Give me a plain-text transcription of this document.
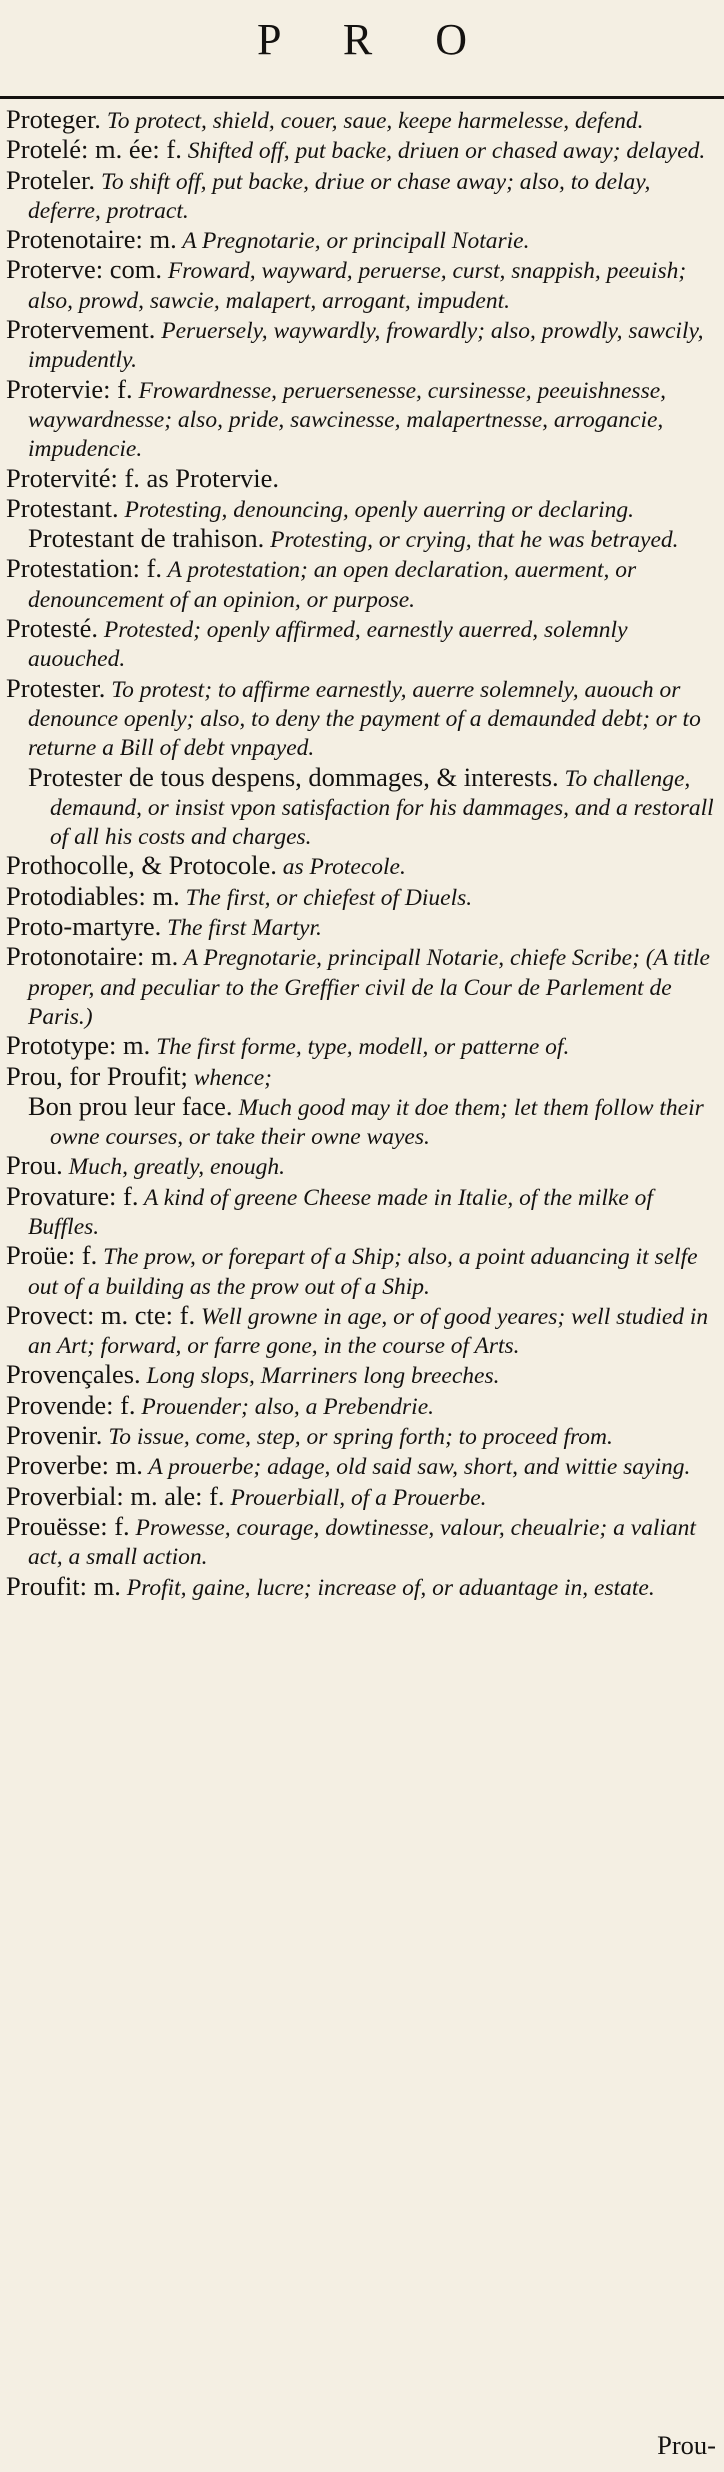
P R O
Proteger. To protect, shield, couer, saue, keepe harmelesse, defend.
Protelé: m. ée: f. Shifted off, put backe, driuen or chased away; delayed.
Proteler. To shift off, put backe, driue or chase away; also, to delay, deferre, protract.
Protenotaire: m. A Pregnotarie, or principall Notarie.
Proterve: com. Froward, wayward, peruerse, curst, snappish, peeuish; also, prowd, sawcie, malapert, arrogant, impudent.
Protervement. Peruersely, waywardly, frowardly; also, prowdly, sawcily, impudently.
Protervie: f. Frowardnesse, peruersenesse, cursinesse, peeuishnesse, waywardnesse; also, pride, sawcinesse, malapertnesse, arrogancie, impudencie.
Protervité: f. as Protervie.
Protestant. Protesting, denouncing, openly auerring or declaring.
Protestant de trahison. Protesting, or crying, that he was betrayed.
Protestation: f. A protestation; an open declaration, auerment, or denouncement of an opinion, or purpose.
Protesté. Protested; openly affirmed, earnestly auerred, solemnly auouched.
Protester. To protest; to affirme earnestly, auerre solemnely, auouch or denounce openly; also, to deny the payment of a demaunded debt; or to returne a Bill of debt vnpayed.
Protester de tous despens, dommages, & interests. To challenge, demaund, or insist vpon satisfaction for his dammages, and a restorall of all his costs and charges.
Prothocolle, & Protocole. as Protecole.
Protodiables: m. The first, or chiefest of Diuels.
Proto-martyre. The first Martyr.
Protonotaire: m. A Pregnotarie, principall Notarie, chiefe Scribe; (A title proper, and peculiar to the Greffier civil de la Cour de Parlement de Paris.)
Prototype: m. The first forme, type, modell, or patterne of.
Prou, for Proufit; whence;
Bon prou leur face. Much good may it doe them; let them follow their owne courses, or take their owne wayes.
Prou. Much, greatly, enough.
Provature: f. A kind of greene Cheese made in Italie, of the milke of Buffles.
Proüe: f. The prow, or forepart of a Ship; also, a point aduancing it selfe out of a building as the prow out of a Ship.
Provect: m. cte: f. Well growne in age, or of good yeares; well studied in an Art; forward, or farre gone, in the course of Arts.
Provençales. Long slops, Marriners long breeches.
Provende: f. Prouender; also, a Prebendrie.
Provenir. To issue, come, step, or spring forth; to proceed from.
Proverbe: m. A prouerbe; adage, old said saw, short, and wittie saying.
Proverbial: m. ale: f. Prouerbiall, of a Prouerbe.
Prouësse: f. Prowesse, courage, dowtinesse, valour, cheualrie; a valiant act, a small action.
Proufit: m. Profit, gaine, lucre; increase of, or aduantage in, estate.
Prou-
